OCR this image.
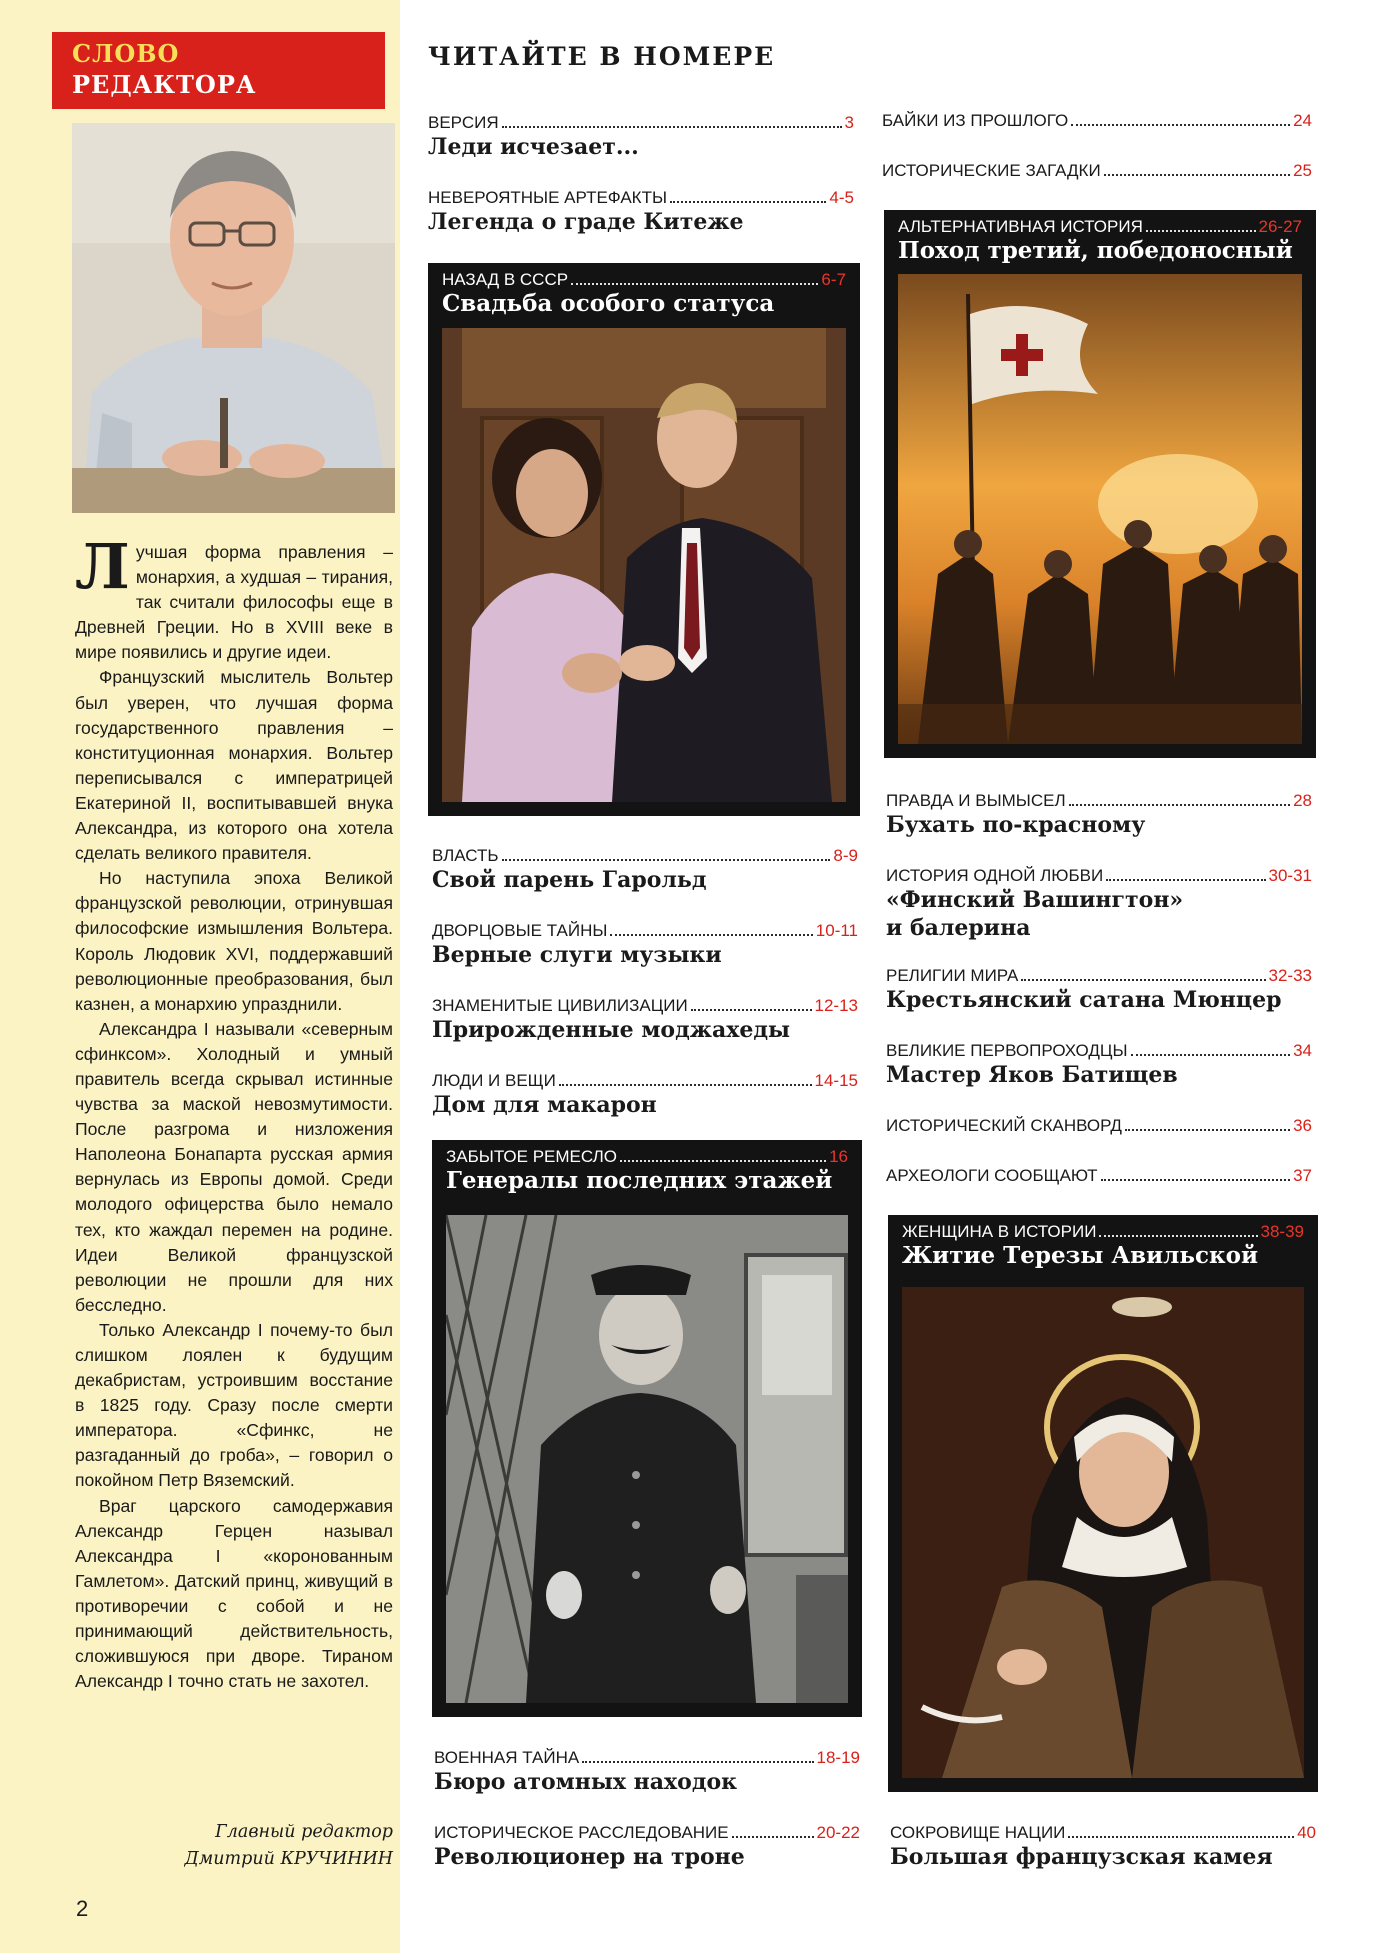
СЛОВО
РЕДАКТОРА

Лучшая форма правления – монархия, а худшая – тирания, так считали философы еще в Древней Греции. Но в XVIII веке в мире появились и другие идеи.

Французский мыслитель Вольтер был уверен, что лучшая форма государственного правления – конституционная монархия. Вольтер переписывался с императрицей Екатериной II, воспитывавшей внука Александра, из которого она хотела сделать великого правителя.

Но наступила эпоха Великой французской революции, отринувшая философские измышления Вольтера. Король Людовик XVI, поддержавший революционные преобразования, был казнен, а монархию упразднили.

Александра I называли «северным сфинксом». Холодный и умный правитель всегда скрывал истинные чувства за маской невозмутимости. После разгрома и низложения Наполеона Бонапарта русская армия вернулась из Европы домой. Среди молодого офицерства было немало тех, кто жаждал перемен на родине. Идеи Великой французской революции не прошли для них бесследно.

Только Александр I почему-то был слишком лоялен к будущим декабристам, устроившим восстание в 1825 году. Сразу после смерти императора. «Сфинкс, не разгаданный до гроба», – говорил о покойном Петр Вяземский.

Враг царского самодержавия Александр Герцен называл Александра I «коронованным Гамлетом». Датский принц, живущий в противоречии с собой и не принимающий действительность, сложившуюся при дворе. Тираном Александр I точно стать не захотел.

Главный редактор
Дмитрий КРУЧИНИН
2
ЧИТАЙТЕ В НОМЕРЕ
ВЕРСИЯ	3
Леди исчезает...
НЕВЕРОЯТНЫЕ АРТЕФАКТЫ	4-5
Легенда о граде Китеже
НАЗАД В СССР	6-7
Свадьба особого статуса
ВЛАСТЬ	8-9
Свой парень Гарольд
ДВОРЦОВЫЕ ТАЙНЫ	10-11
Верные слуги музыки
ЗНАМЕНИТЫЕ ЦИВИЛИЗАЦИИ	12-13
Прирожденные моджахеды
ЛЮДИ И ВЕЩИ	14-15
Дом для макарон
ЗАБЫТОЕ РЕМЕСЛО	16
Генералы последних этажей
ВОЕННАЯ ТАЙНА	18-19
Бюро атомных находок
ИСТОРИЧЕСКОЕ РАССЛЕДОВАНИЕ	20-22
Революционер на троне
БАЙКИ ИЗ ПРОШЛОГО	24
ИСТОРИЧЕСКИЕ ЗАГАДКИ	25
АЛЬТЕРНАТИВНАЯ ИСТОРИЯ	26-27
Поход третий, победоносный
ПРАВДА И ВЫМЫСЕЛ	28
Бухать по-красному
ИСТОРИЯ ОДНОЙ ЛЮБВИ	30-31
«Финский Вашингтон»
и балерина
РЕЛИГИИ МИРА	32-33
Крестьянский сатана Мюнцер
ВЕЛИКИЕ ПЕРВОПРОХОДЦЫ	34
Мастер Яков Батищев
ИСТОРИЧЕСКИЙ СКАНВОРД	36
АРХЕОЛОГИ СООБЩАЮТ	37
ЖЕНЩИНА В ИСТОРИИ	38-39
Житие Терезы Авильской
СОКРОВИЩЕ НАЦИИ	40
Большая французская камея
